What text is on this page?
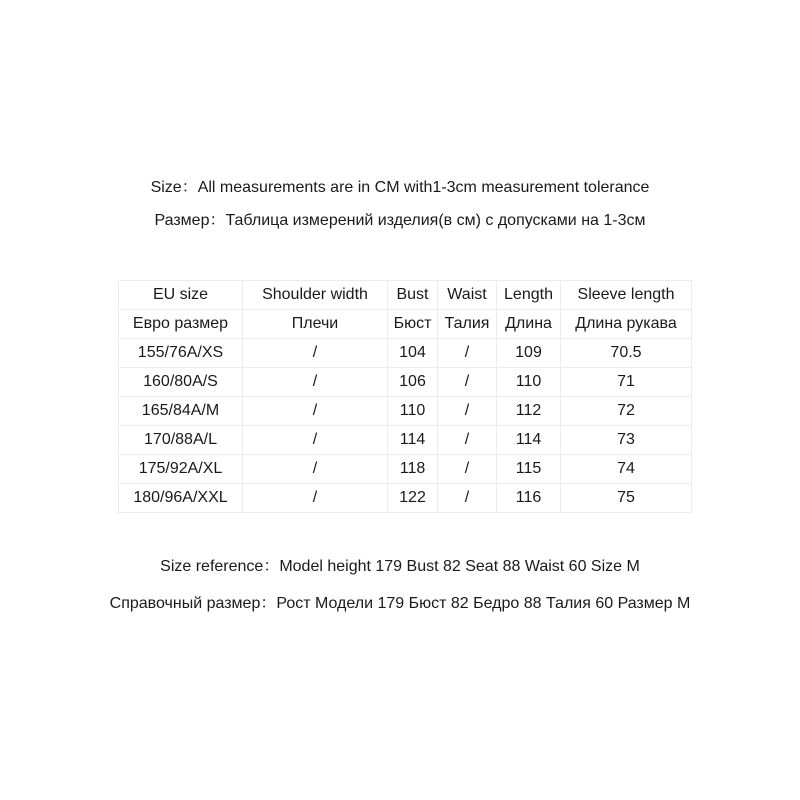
Size：All measurements are in CM with1-3cm measurement tolerance
Размер：Таблица измерений изделия(в см) с допусками на 1-3см
EU size	Shoulder width	Bust	Waist	Length	Sleeve length
Евро размер	Плечи	Бюст	Талия	Длина	Длина рукава
155/76A/XS	/	104	/	109	70.5
160/80A/S	/	106	/	110	71
165/84A/M	/	110	/	112	72
170/88A/L	/	114	/	114	73
175/92A/XL	/	118	/	115	74
180/96A/XXL	/	122	/	116	75
Size reference：Model height 179 Bust 82 Seat 88 Waist 60 Size M
Справочный размер：Рост Модели 179 Бюст 82 Бедро 88 Талия 60 Размер M
